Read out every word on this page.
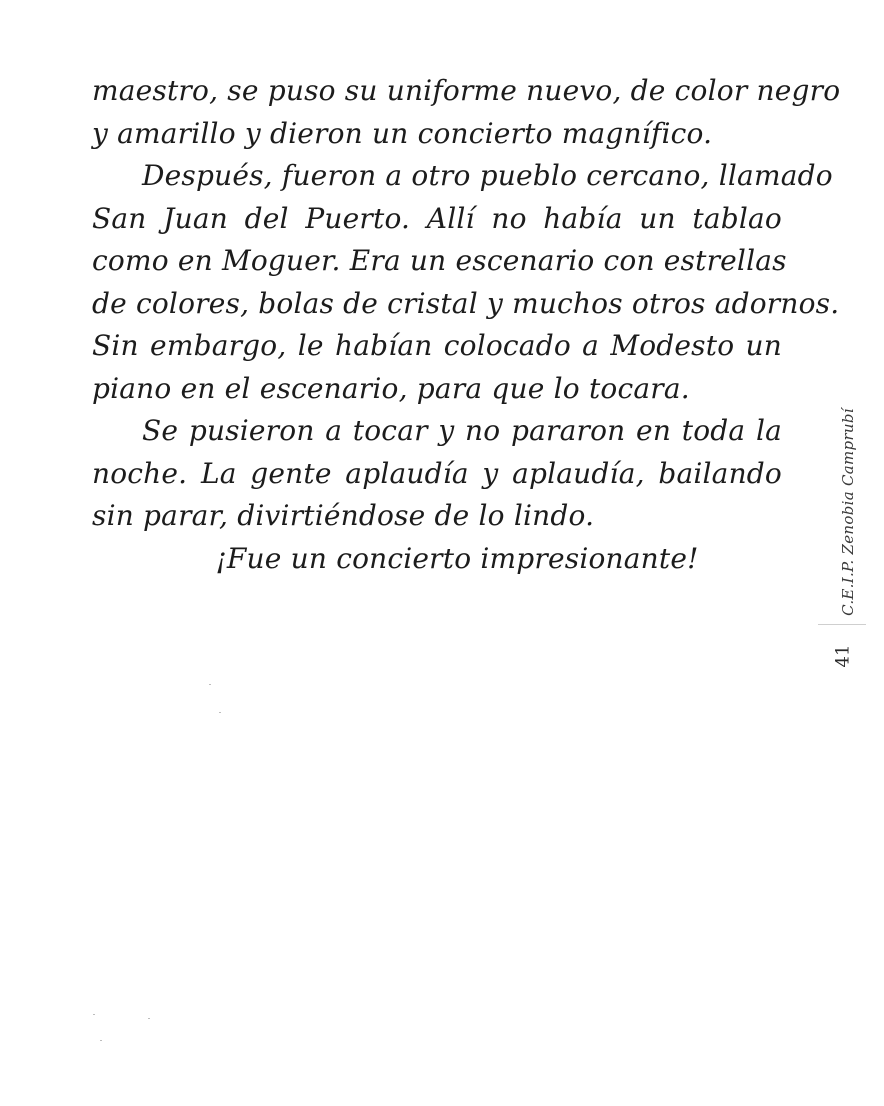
maestro, se puso su uniforme nuevo, de color negro
y amarillo y dieron un concierto magnífico.
Después, fueron a otro pueblo cercano, llamado
San Juan del Puerto. Allí no había un tablao
como en Moguer. Era un escenario con estrellas
de colores, bolas de cristal y muchos otros adornos.
Sin embargo, le habían colocado a Modesto un
piano en el escenario, para que lo tocara.
Se pusieron a tocar y no pararon en toda la
noche. La gente aplaudía y aplaudía, bailando
sin parar, divirtiéndose de lo lindo.
¡Fue un concierto impresionante!	C.E.I.P. Zenobia Camprubí
41
